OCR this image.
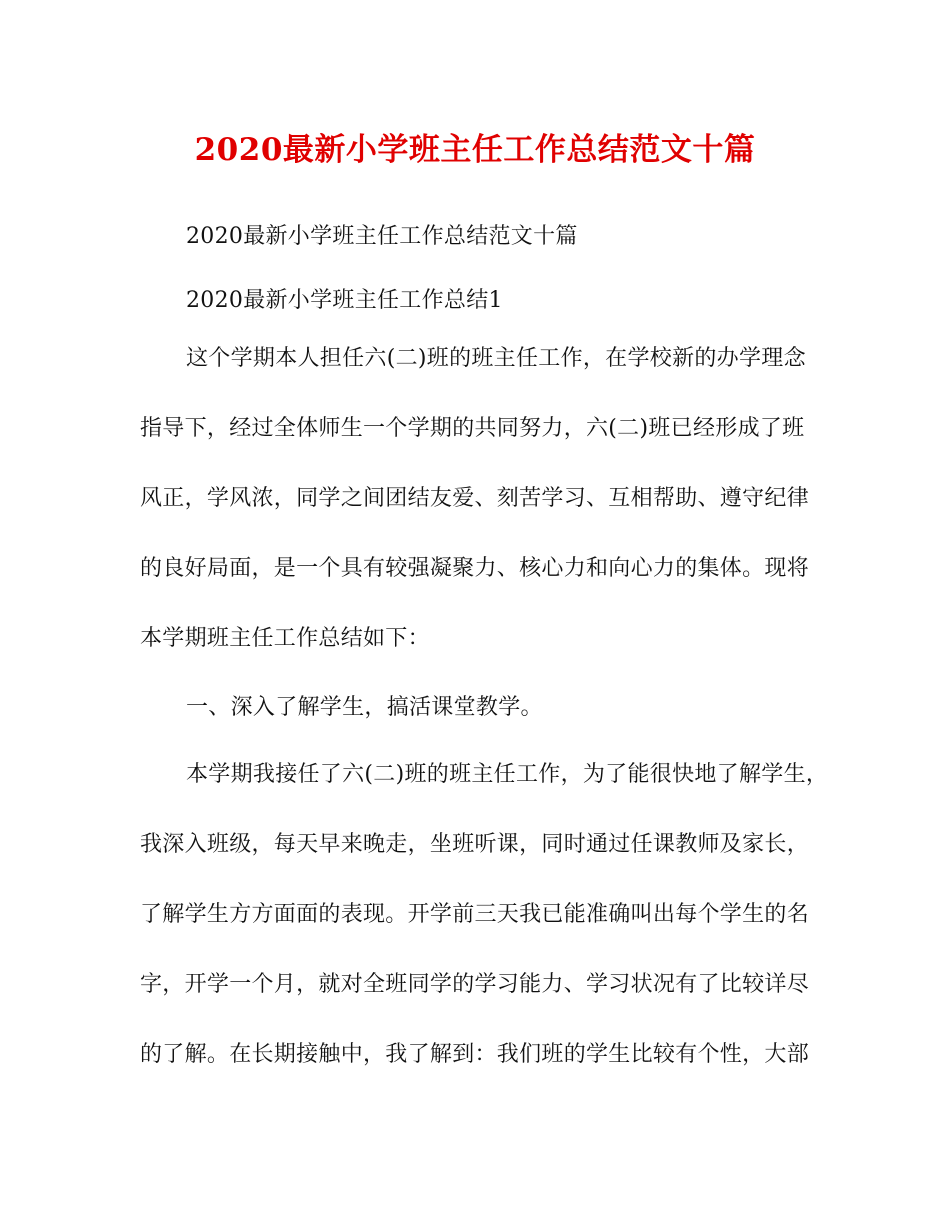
2020最新小学班主任工作总结范文十篇
2020最新小学班主任工作总结范文十篇
2020最新小学班主任工作总结1
这个学期本人担任六(二)班的班主任工作，在学校新的办学理念
指导下，经过全体师生一个学期的共同努力，六(二)班已经形成了班
风正，学风浓，同学之间团结友爱、刻苦学习、互相帮助、遵守纪律
的良好局面，是一个具有较强凝聚力、核心力和向心力的集体。现将
本学期班主任工作总结如下：
一、深入了解学生，搞活课堂教学。
本学期我接任了六(二)班的班主任工作，为了能很快地了解学生，
我深入班级，每天早来晚走，坐班听课，同时通过任课教师及家长，
了解学生方方面面的表现。开学前三天我已能准确叫出每个学生的名
字，开学一个月，就对全班同学的学习能力、学习状况有了比较详尽
的了解。在长期接触中，我了解到：我们班的学生比较有个性，大部
